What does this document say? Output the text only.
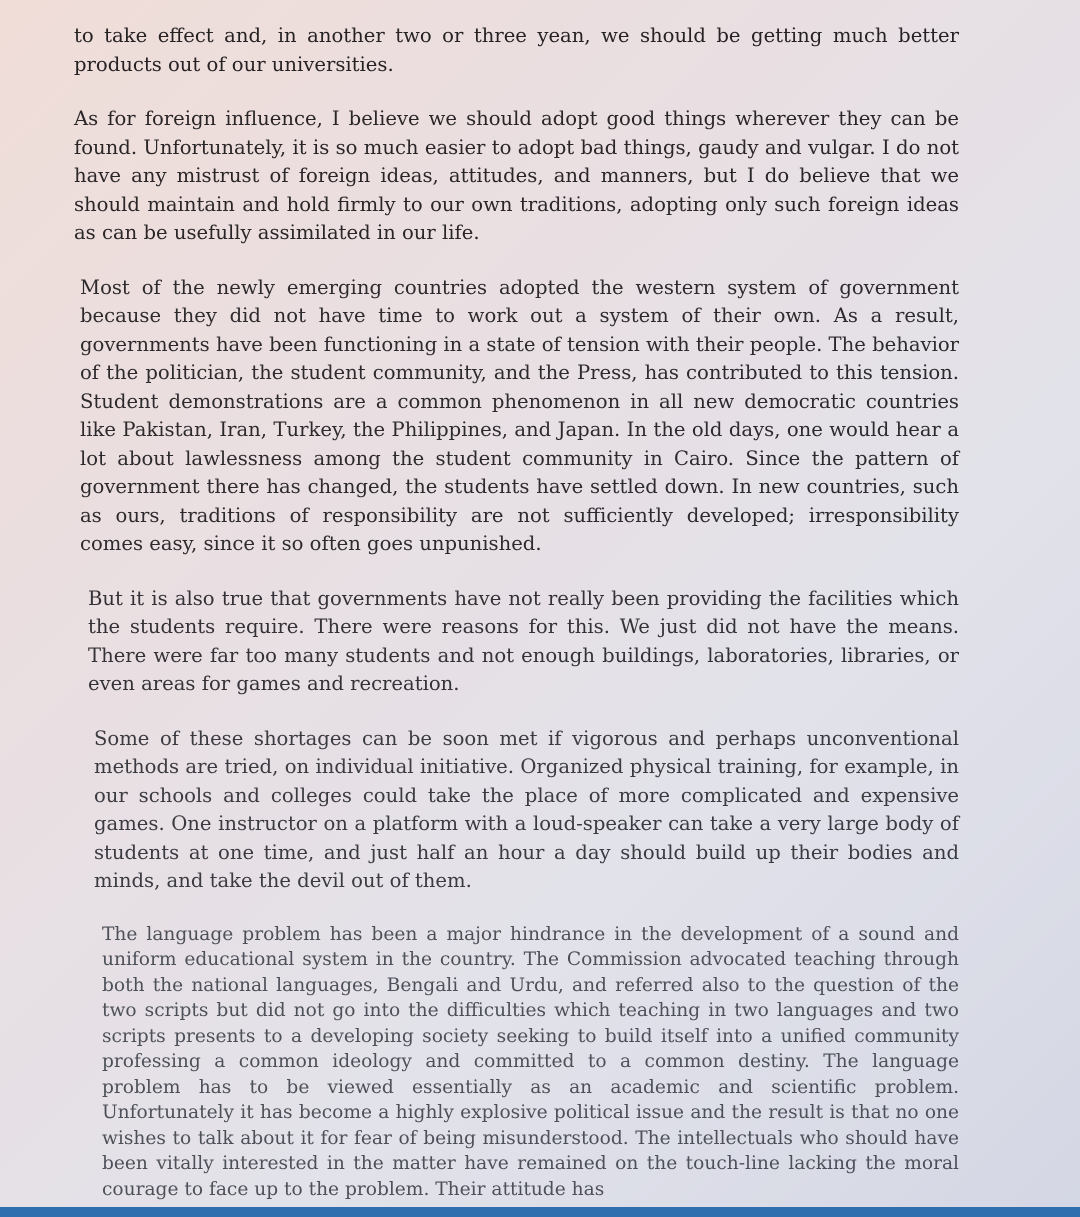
to take effect and, in another two or three yean, we should be getting much better products out of our universities.

As for foreign influence, I believe we should adopt good things wherever they can be found. Unfortunately, it is so much easier to adopt bad things, gaudy and vulgar. I do not have any mistrust of foreign ideas, attitudes, and manners, but I do believe that we should maintain and hold firmly to our own traditions, adopting only such foreign ideas as can be usefully assimilated in our life.

Most of the newly emerging countries adopted the western system of government because they did not have time to work out a system of their own. As a result, governments have been functioning in a state of tension with their people. The behavior of the politician, the student community, and the Press, has contributed to this tension. Student demonstrations are a common phenomenon in all new democratic countries like Pakistan, Iran, Turkey, the Philippines, and Japan. In the old days, one would hear a lot about lawlessness among the student community in Cairo. Since the pattern of government there has changed, the students have settled down. In new countries, such as ours, traditions of responsibility are not sufficiently developed; irresponsibility comes easy, since it so often goes unpunished.

But it is also true that governments have not really been providing the facilities which the students require. There were reasons for this. We just did not have the means. There were far too many students and not enough buildings, laboratories, libraries, or even areas for games and recreation.

Some of these shortages can be soon met if vigorous and perhaps unconventional methods are tried, on individual initiative. Organized physical training, for example, in our schools and colleges could take the place of more complicated and expensive games. One instructor on a platform with a loud-speaker can take a very large body of students at one time, and just half an hour a day should build up their bodies and minds, and take the devil out of them.

The language problem has been a major hindrance in the development of a sound and uniform educational system in the country. The Commission advocated teaching through both the national languages, Bengali and Urdu, and referred also to the question of the two scripts but did not go into the difficulties which teaching in two languages and two scripts presents to a developing society seeking to build itself into a unified community professing a common ideology and committed to a common destiny. The language problem has to be viewed essentially as an academic and scientific problem. Unfortunately it has become a highly explosive political issue and the result is that no one wishes to talk about it for fear of being misunderstood. The intellectuals who should have been vitally interested in the matter have remained on the touch-line lacking the moral courage to face up to the problem. Their attitude has
